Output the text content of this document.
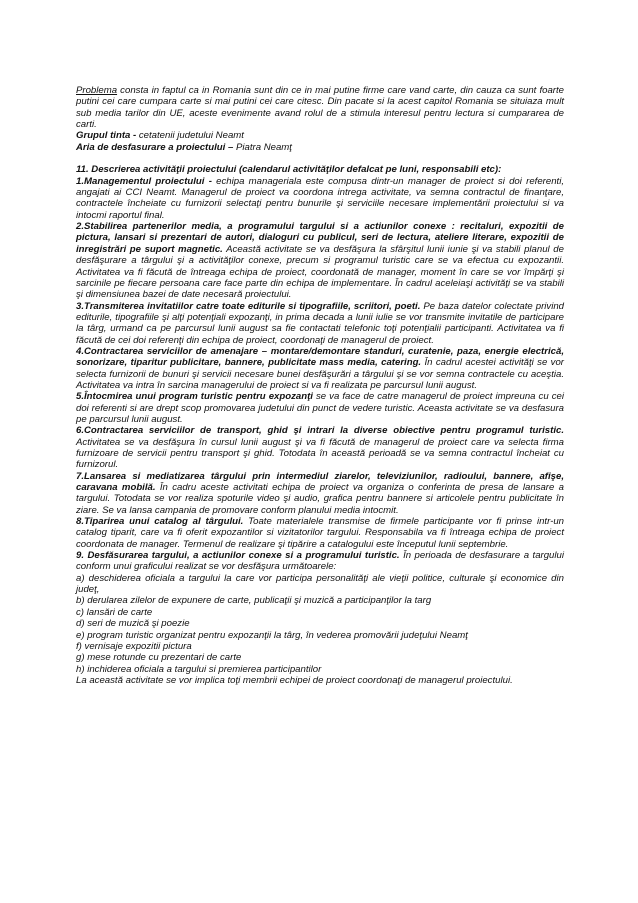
Problema consta in faptul ca in Romania sunt din ce in mai putine firme care vand carte, din cauza ca sunt foarte putini cei care cumpara carte si mai putini cei care citesc. Din pacate si la acest capitol Romania se situiaza mult sub media tarilor din UE, aceste evenimente avand rolul de a stimula interesul pentru lectura si cumpararea de carti.

Grupul tinta - cetatenii judetului Neamt

Aria de desfasurare a proiectului – Piatra Neamţ

11. Descrierea activităţii proiectului (calendarul activităţilor defalcat pe luni, responsabili etc):

1.Managementul proiectului - echipa manageriala este compusa dintr-un manager de proiect si doi referenti, angajati ai CCI Neamt. Managerul de proiect va coordona intrega activitate, va semna contractul de finanţare, contractele încheiate cu furnizorii selectaţi pentru bunurile şi serviciile necesare implementării proiectului si va intocmi raportul final.

2.Stabilirea partenerilor media, a programului targului si a actiunilor conexe : recitaluri, expozitii de pictura, lansari si prezentari de autori, dialoguri cu publicul, seri de lectura, ateliere literare, expozitii de inregistrări pe suport magnetic. Această activitate se va desfăşura la sfârşitul lunii iunie şi va stabili planul de desfăşurare a târgului şi a activităţilor conexe, precum si programul turistic care se va efectua cu expozantii. Activitatea va fi făcută de întreaga echipa de proiect, coordonată de manager, moment în care se vor împărţi şi sarcinile pe fiecare persoana care face parte din echipa de implementare. În cadrul aceleiaşi activităţi se va stabili şi dimensiunea bazei de date necesară proiectului.

3.Transmiterea invitatiilor catre toate editurile si tipografiile, scriitori, poeti. Pe baza datelor colectate privind editurile, tipografiile şi alţi potenţiali expozanţi, in prima decada a lunii iulie se vor transmite invitatile de participare la târg, urmand ca pe parcursul lunii august sa fie contactati telefonic toţi potenţialii participanti. Activitatea va fi făcută de cei doi referenţi din echipa de proiect, coordonaţi de managerul de proiect.

4.Contractarea serviciilor de amenajare – montare/demontare standuri, curatenie, paza, energie electrică, sonorizare, tiparitur publicitare, bannere, publicitate mass media, catering. În cadrul acestei activităţi se vor selecta furnizorii de bunuri şi servicii necesare bunei desfăşurări a târgului şi se vor semna contractele cu aceştia. Activitatea va intra în sarcina managerului de proiect si va fi realizata pe parcursul lunii august.

5.Întocmirea unui program turistic pentru expozanţi se va face de catre managerul de proiect impreuna cu cei doi referenti si are drept scop promovarea judetului din punct de vedere turistic. Aceasta activitate se va desfasura pe parcursul lunii august.

6.Contractarea serviciilor de transport, ghid şi intrari la diverse obiective pentru programul turistic. Activitatea se va desfăşura în cursul lunii august şi va fi făcută de managerul de proiect care va selecta firma furnizoare de servicii pentru transport şi ghid. Totodata în această perioadă se va semna contractul încheiat cu furnizorul.

7.Lansarea si mediatizarea târgului prin intermediul ziarelor, televiziunilor, radioului, bannere, afişe, caravana mobilă. În cadru aceste activitati echipa de proiect va organiza o conferinta de presa de lansare a targului. Totodata se vor realiza spoturile video şi audio, grafica pentru bannere si articolele pentru publicitate în ziare. Se va lansa campania de promovare conform planului media intocmit.

8.Tiparirea unui catalog al târgului. Toate materialele transmise de firmele participante vor fi prinse intr-un catalog tiparit, care va fi oferit expozantilor si vizitatorilor targului. Responsabila va fi întreaga echipa de proiect coordonata de manager. Termenul de realizare şi tipărire a catalogului este începutul lunii septembrie.

9. Desfăsurarea targului, a actiunilor conexe si a programului turistic. În perioada de desfasurare a targului conform unui graficului realizat se vor desfăşura următoarele:

a) deschiderea oficiala a targului la care vor participa personalităţi ale vieţii politice, culturale şi economice din judeţ,

b) derularea zilelor de expunere de carte, publicaţii şi muzică a participanţilor la targ

c) lansări de carte

d) seri de muzică şi poezie

e) program turistic organizat pentru expozanţii la târg, în vederea promovării judeţului Neamţ

f) vernisaje expozitii pictura

g) mese rotunde cu prezentari de carte

h) inchiderea oficiala a targului si premierea participantilor

La această activitate se vor implica toţi membrii echipei de proiect coordonaţi de managerul proiectului.
